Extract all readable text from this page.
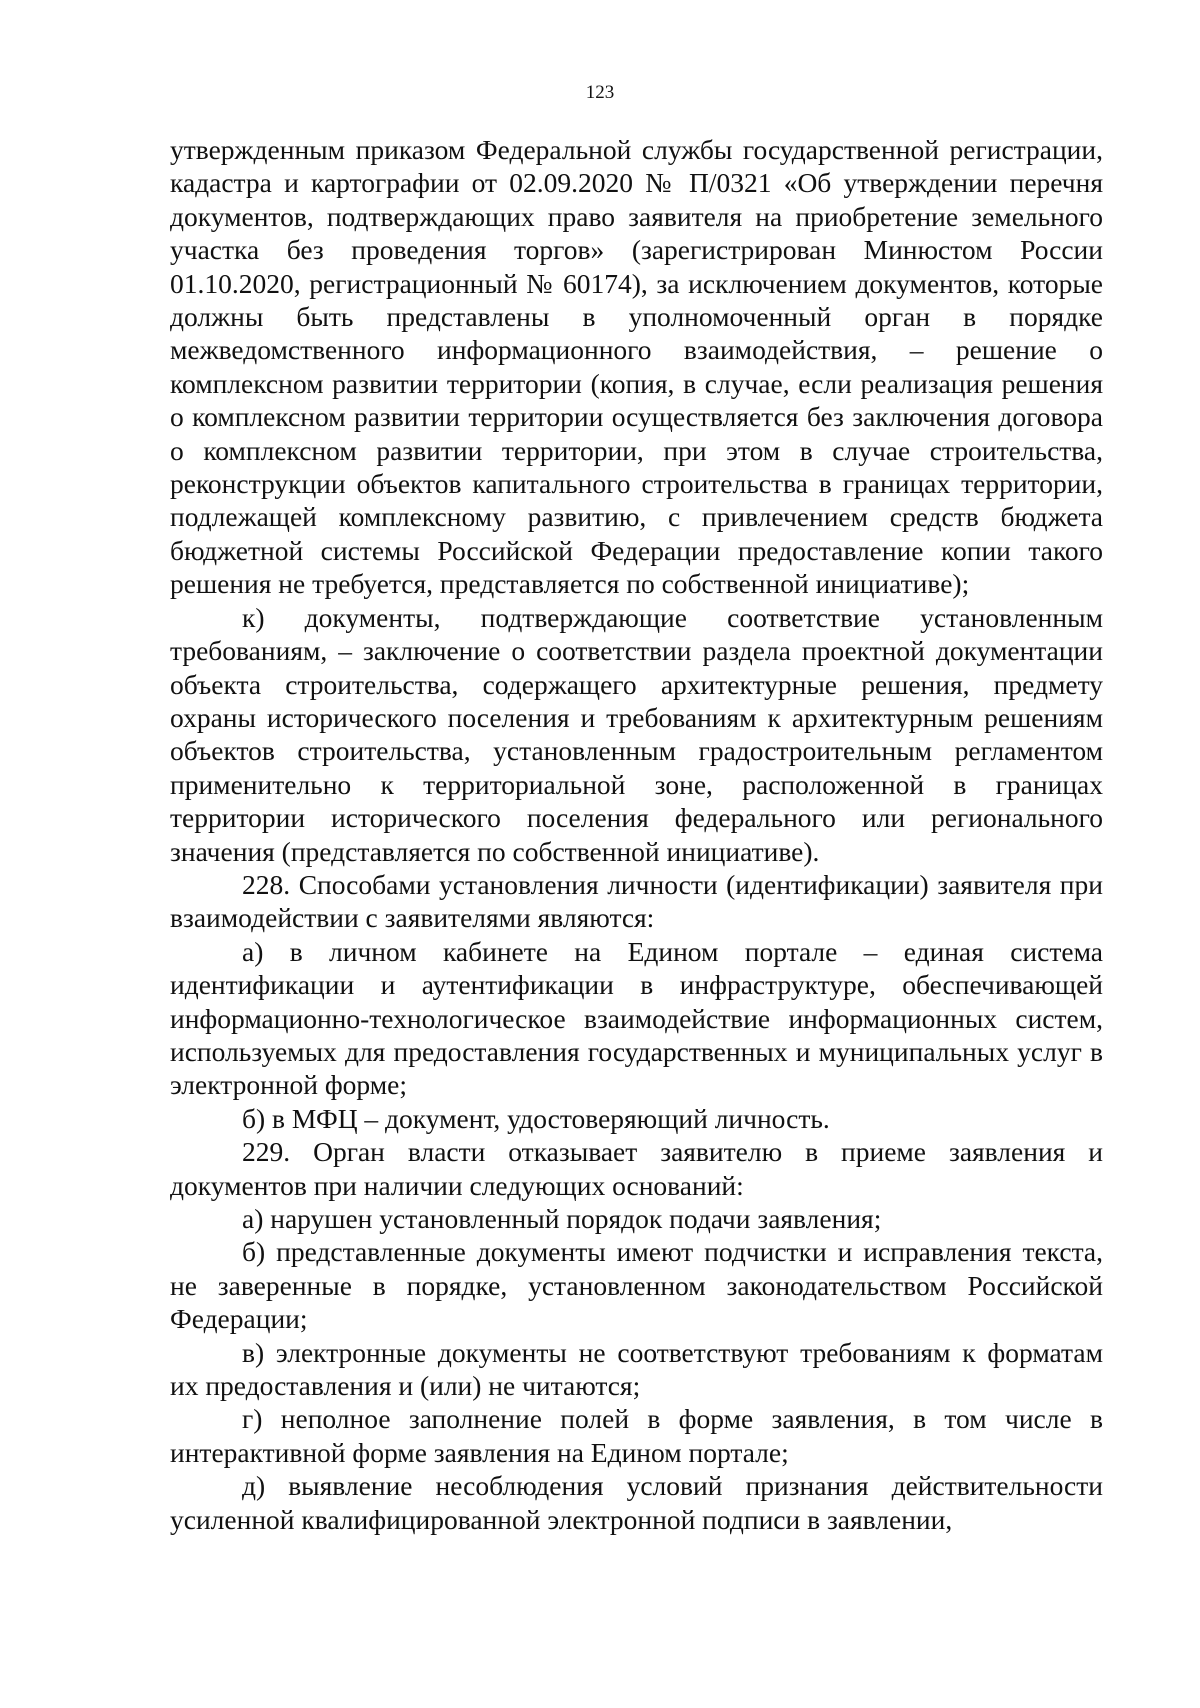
123

утвержденным приказом Федеральной службы государственной регистрации, кадастра и картографии от 02.09.2020 № П/0321 «Об утверждении перечня документов, подтверждающих право заявителя на приобретение земельного участка без проведения торгов» (зарегистрирован Минюстом России 01.10.2020, регистрационный № 60174), за исключением документов, которые должны быть представлены в уполномоченный орган в порядке межведомственного информационного взаимодействия, – решение о комплексном развитии территории (копия, в случае, если реализация решения о комплексном развитии территории осуществляется без заключения договора о комплексном развитии территории, при этом в случае строительства, реконструкции объектов капитального строительства в границах территории, подлежащей комплексному развитию, с привлечением средств бюджета бюджетной системы Российской Федерации предоставление копии такого решения не требуется, представляется по собственной инициативе);

к) документы, подтверждающие соответствие установленным требованиям, – заключение о соответствии раздела проектной документации объекта строительства, содержащего архитектурные решения, предмету охраны исторического поселения и требованиям к архитектурным решениям объектов строительства, установленным градостроительным регламентом применительно к территориальной зоне, расположенной в границах территории исторического поселения федерального или регионального значения (представляется по собственной инициативе).

228. Способами установления личности (идентификации) заявителя при взаимодействии с заявителями являются:

а) в личном кабинете на Едином портале – единая система идентификации и аутентификации в инфраструктуре, обеспечивающей информационно-технологическое взаимодействие информационных систем, используемых для предоставления государственных и муниципальных услуг в электронной форме;

б) в МФЦ – документ, удостоверяющий личность.

229. Орган власти отказывает заявителю в приеме заявления и документов при наличии следующих оснований:

а) нарушен установленный порядок подачи заявления;

б) представленные документы имеют подчистки и исправления текста, не заверенные в порядке, установленном законодательством Российской Федерации;

в) электронные документы не соответствуют требованиям к форматам их предоставления и (или) не читаются;

г) неполное заполнение полей в форме заявления, в том числе в интерактивной форме заявления на Едином портале;

д) выявление несоблюдения условий признания действительности усиленной квалифицированной электронной подписи в заявлении,
